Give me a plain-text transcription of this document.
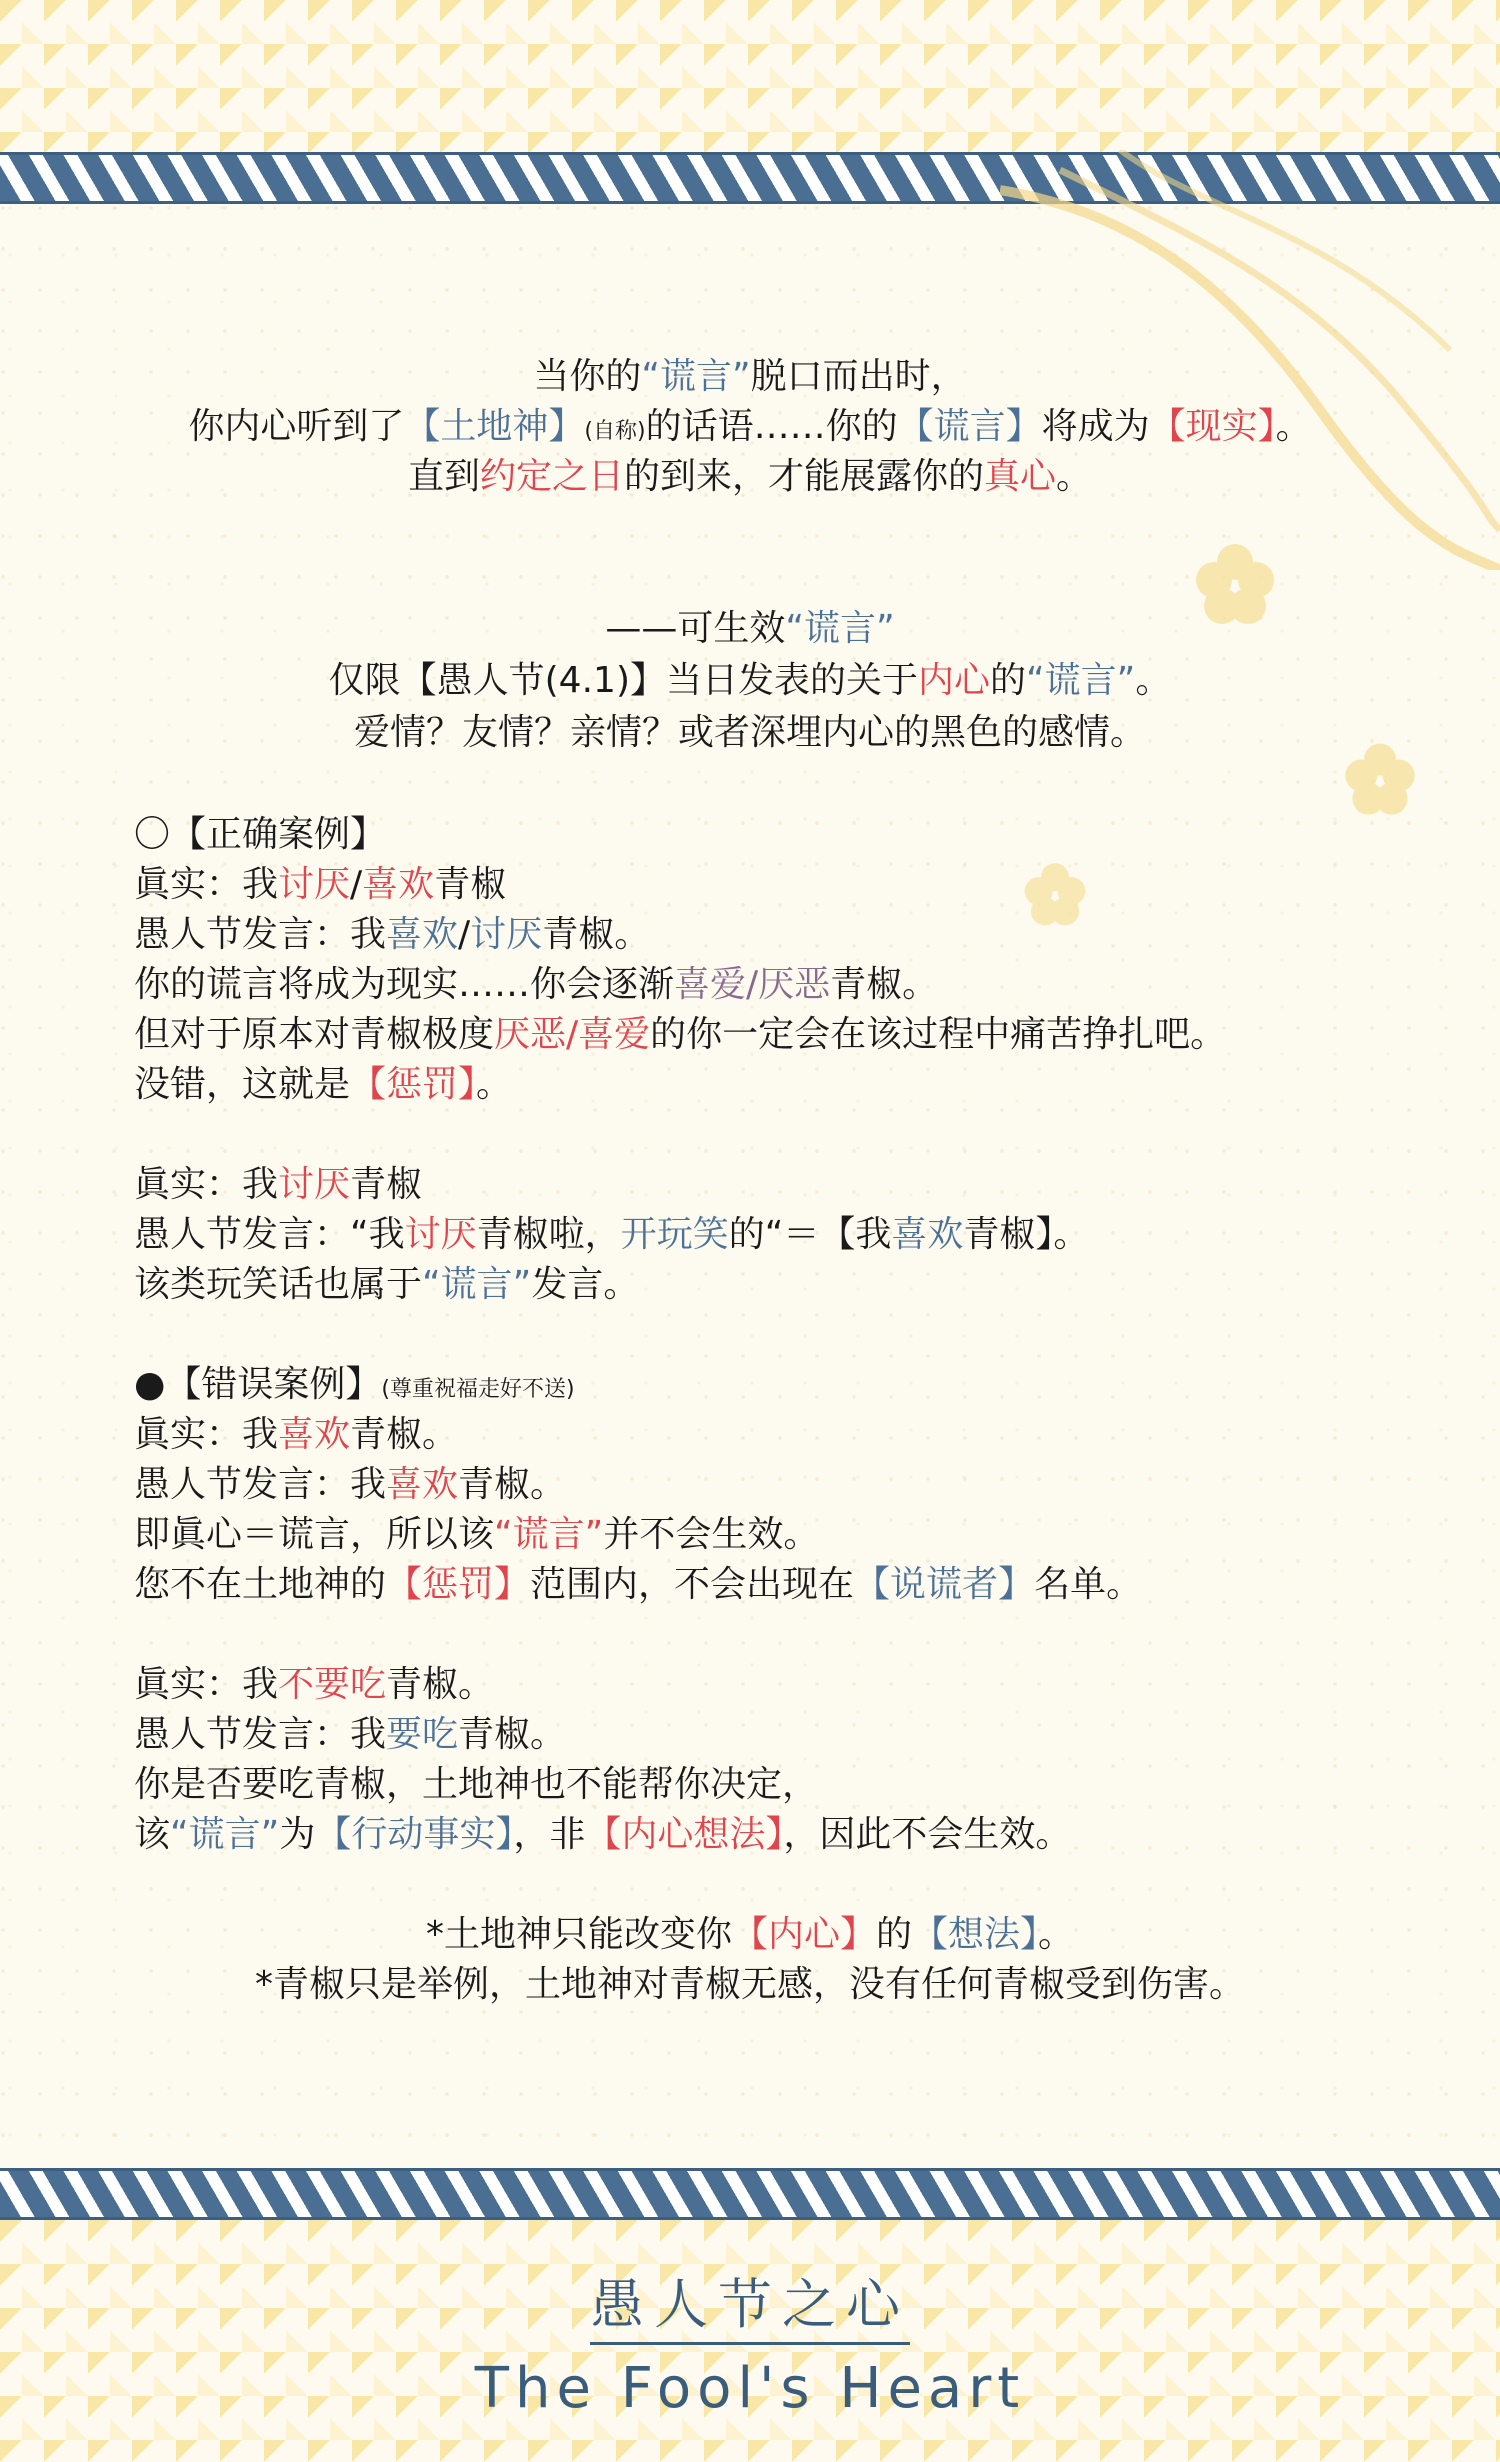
当你的“谎言”脱口而出时，
你内心听到了【土地神】(自称)的话语……你的【谎言】将成为【现实】。
直到约定之日的到来，才能展露你的真心。
——可生效“谎言”
仅限【愚人节(4.1)】当日发表的关于内心的“谎言”。
爱情？友情？亲情？或者深埋内心的黑色的感情。
〇【正确案例】
眞实：我讨厌/喜欢青椒
愚人节发言：我喜欢/讨厌青椒。
你的谎言将成为现实……你会逐渐喜爱/厌恶青椒。
但对于原本对青椒极度厌恶/喜爱的你一定会在该过程中痛苦挣扎吧。
没错，这就是【惩罚】。
眞实：我讨厌青椒
愚人节发言：“我讨厌青椒啦，开玩笑的“＝【我喜欢青椒】。
该类玩笑话也属于“谎言”发言。
●【错误案例】(尊重祝福走好不送)
眞实：我喜欢青椒。
愚人节发言：我喜欢青椒。
即眞心＝谎言，所以该“谎言”并不会生效。
您不在土地神的【惩罚】范围内，不会出现在【说谎者】名单。
眞实：我不要吃青椒。
愚人节发言：我要吃青椒。
你是否要吃青椒，土地神也不能帮你决定，
该“谎言”为【行动事实】，非【内心想法】，因此不会生效。
*土地神只能改变你【内心】的【想法】。
*青椒只是举例，土地神对青椒无感，没有任何青椒受到伤害。
愚人节之心
The Fool's Heart
